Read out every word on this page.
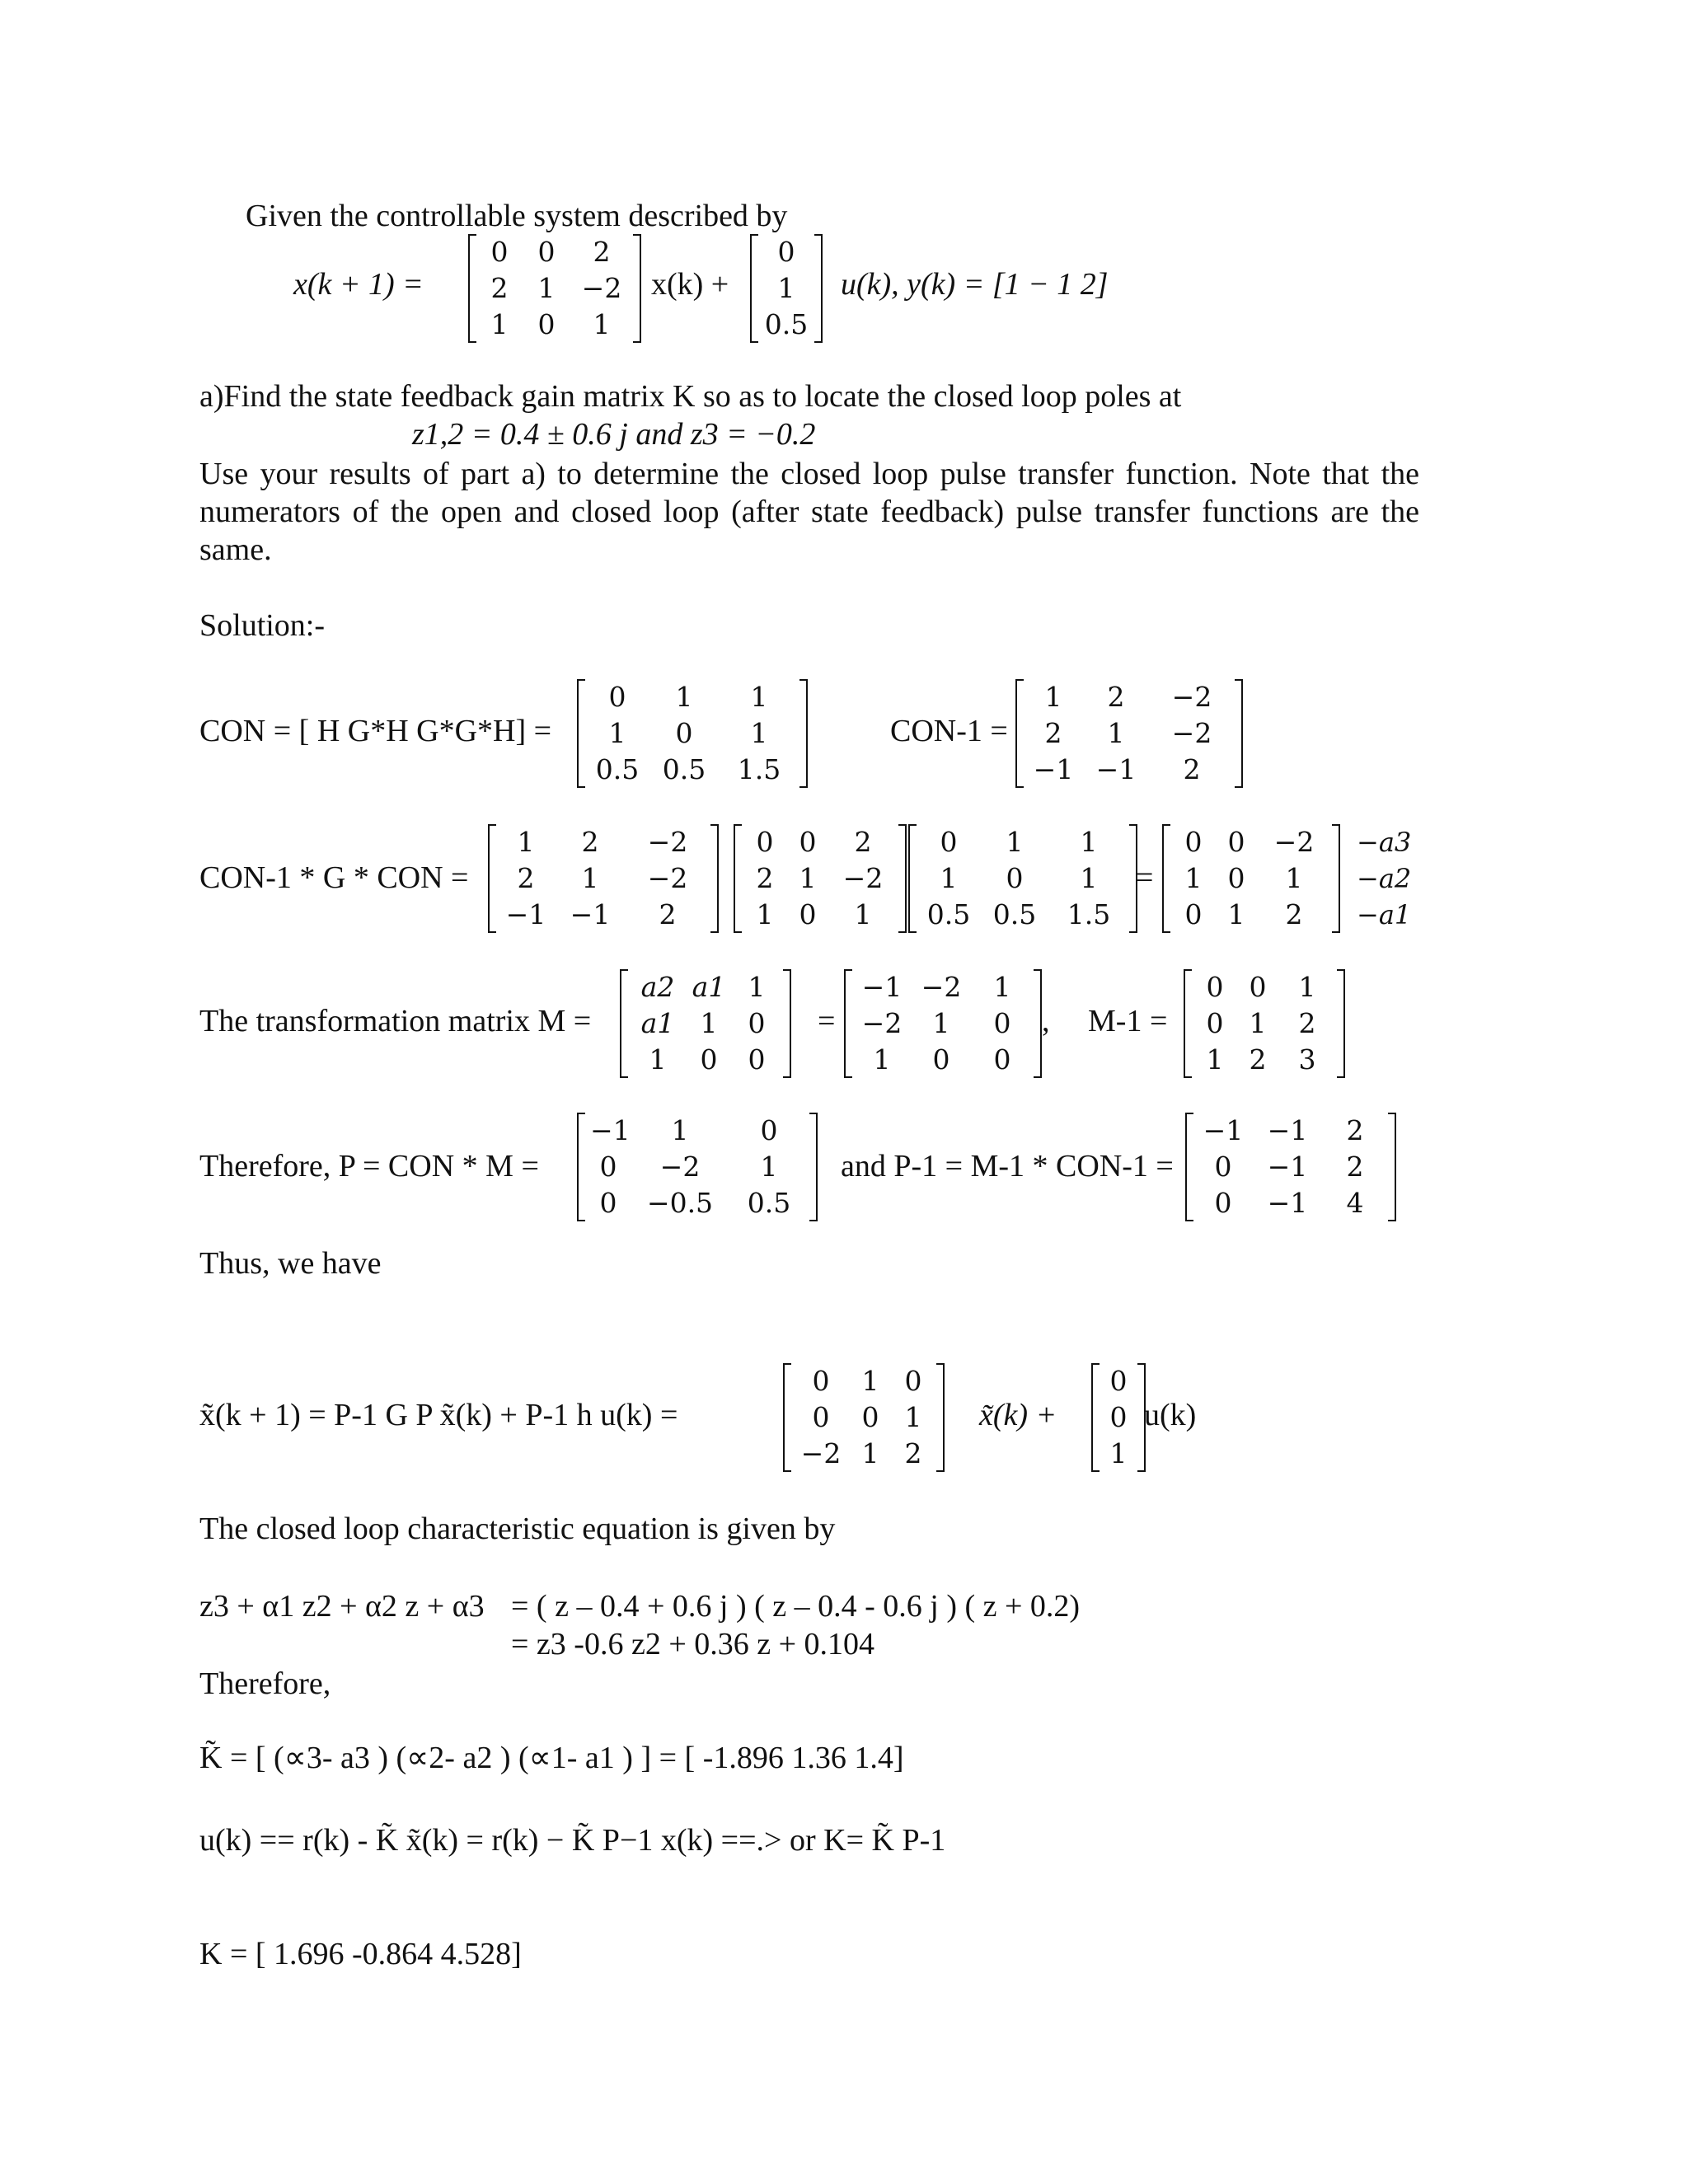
Given the controllable system described by
x(k + 1) =
0	0	2
2	1 −2
1	0	1
x(k) +
0
1
0.5
u(k), y(k) = [1 − 1 2]
a)Find the state feedback gain matrix K so as to locate the closed loop poles at
z1,2 = 0.4 ± 0.6 j and z3 = −0.2
Use your results of part a) to determine the closed loop pulse transfer function. Note that the numerators of the open and closed loop (after state feedback) pulse transfer functions are the same.
Solution:-
CON = [ H G*H G*G*H] =
0	1	1
1	0	1
0.5 0.5	1.5
CON-1 =
1	2	−2
2	1	−2
−1 −1	2
CON-1 * G * CON =
1	2	−2
2	1	−2
−1 −1	2
0 0	2
2 1 −2
1 0	1
0	1	1
1	0	1
0.5 0.5	1.5
=
0 0	−2
1 0	1
0 1	2
−a3
−a2
−a1
The transformation matrix M =
a2 a1 1
a1 1	0
1	0	0
=
−1 −2	1
−2	1	0
1	0	0
, M-1 =
0 0	1
0 1	2
1 2	3
Therefore, P = CON * M =
−1	1	0
0	−2	1
0	−0.5	0.5
and P-1 = M-1 * CON-1 =
−1 −1	2
0	−1	2
0	−1	4
Thus, we have
x̃(k + 1) = P-1 G P x̃(k) + P-1 h u(k) =
0	1 0
0	0 1
−2 1 2
x̃(k) +
0
0
1
u(k)
The closed loop characteristic equation is given by
z3 + α1 z2 + α2 z + α3 = ( z – 0.4 + 0.6 j ) ( z – 0.4 - 0.6 j ) ( z + 0.2)
= z3 -0.6 z2 + 0.36 z + 0.104
Therefore,
K̃ = [ (∝3- a3 ) (∝2- a2 ) (∝1- a1 ) ] = [ -1.896 1.36 1.4]
u(k) == r(k) - K̃ x̃(k) = r(k) − K̃ P−1 x(k) ==.> or K= K̃ P-1
K = [ 1.696 -0.864 4.528]
